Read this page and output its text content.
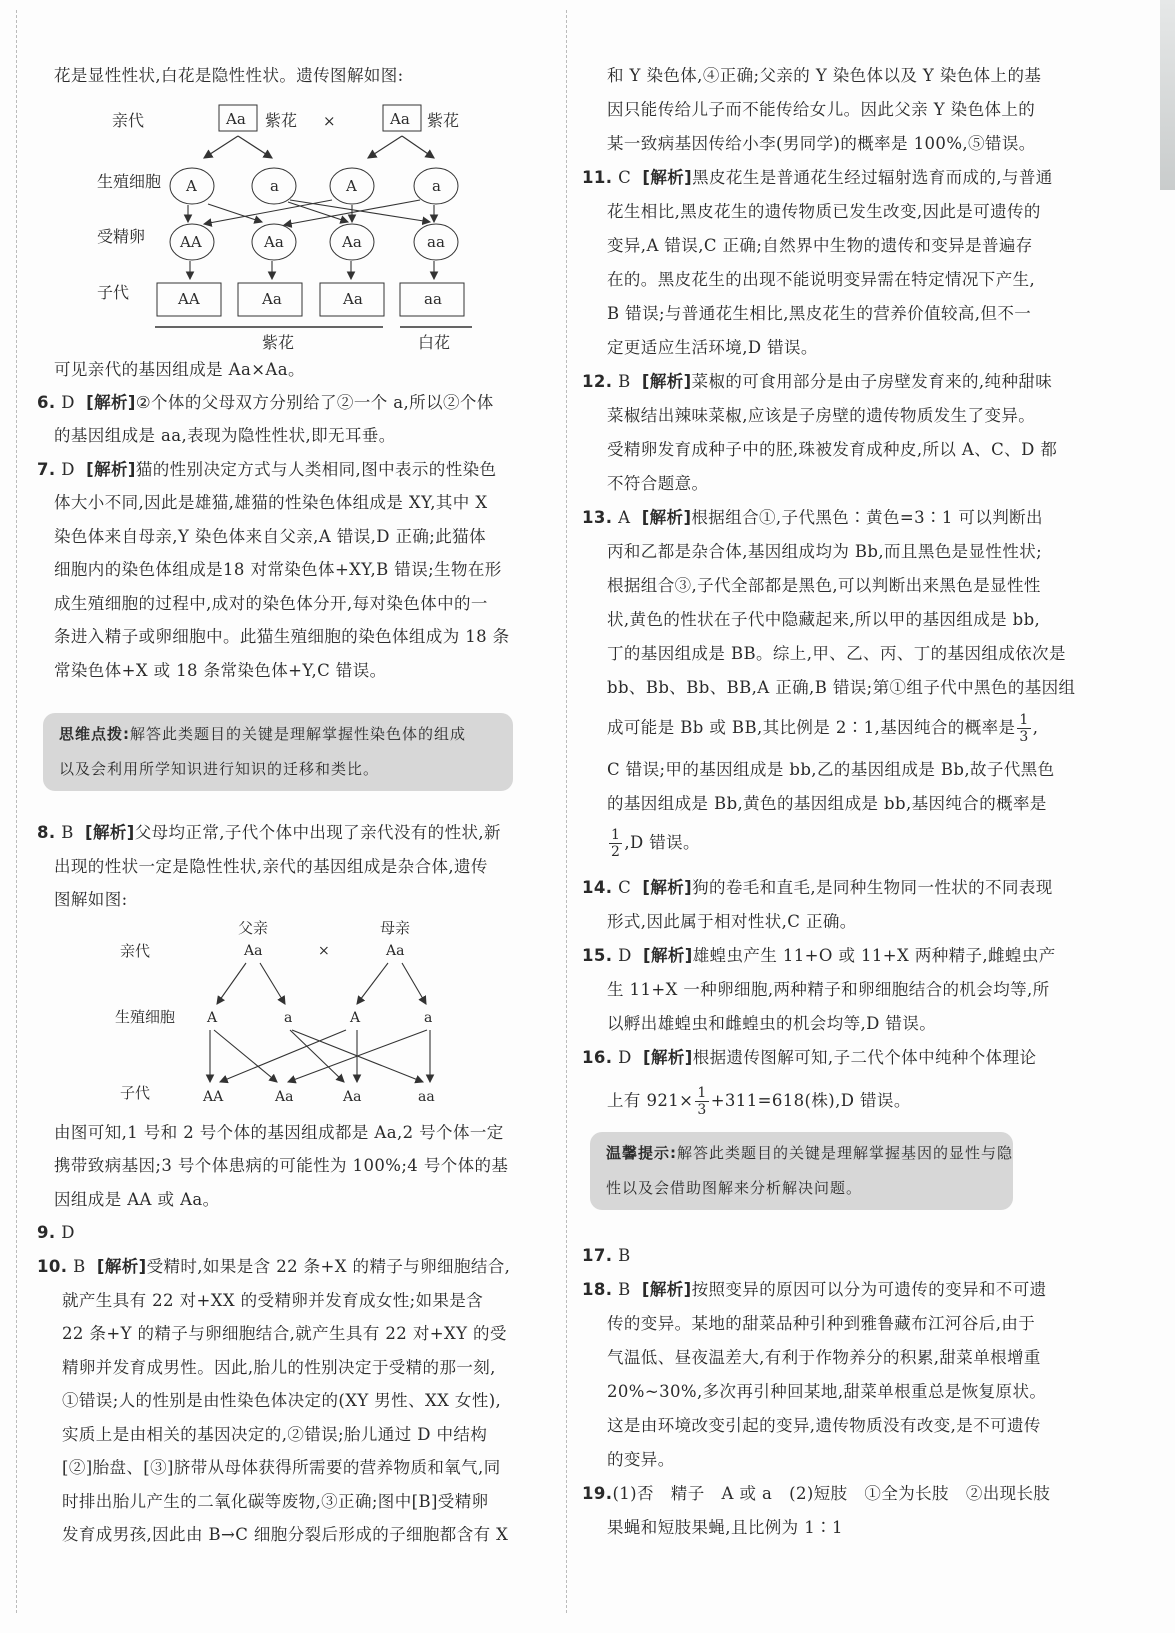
花是显性性状,白花是隐性性状。遗传图解如图:
亲代
生殖细胞
受精卵
子代
Aa 紫花 ×	Aa 紫花
A	a	A	a
AA	Aa	Aa	aa
AA	Aa	Aa	aa
紫花	白花
可见亲代的基因组成是 Aa×Aa。
6. D [解析]②个体的父母双方分别给了②一个 a,所以②个体
的基因组成是 aa,表现为隐性性状,即无耳垂。
7. D [解析]猫的性别决定方式与人类相同,图中表示的性染色
体大小不同,因此是雄猫,雄猫的性染色体组成是 XY,其中 X
染色体来自母亲,Y 染色体来自父亲,A 错误,D 正确;此猫体
细胞内的染色体组成是18 对常染色体+XY,B 错误;生物在形
成生殖细胞的过程中,成对的染色体分开,每对染色体中的一
条进入精子或卵细胞中。此猫生殖细胞的染色体组成为 18 条
常染色体+X 或 18 条常染色体+Y,C 错误。
思维点拨:解答此类题目的关键是理解掌握性染色体的组成
以及会利用所学知识进行知识的迁移和类比。
8. B [解析]父母均正常,子代个体中出现了亲代没有的性状,新
出现的性状一定是隐性性状,亲代的基因组成是杂合体,遗传
图解如图:
父亲	母亲
亲代
生殖细胞
子代
Aa	×	Aa
A	a	A	a
AA	Aa	Aa	aa
由图可知,1 号和 2 号个体的基因组成都是 Aa,2 号个体一定
携带致病基因;3 号个体患病的可能性为 100%;4 号个体的基
因组成是 AA 或 Aa。
9. D
10. B [解析]受精时,如果是含 22 条+X 的精子与卵细胞结合,
就产生具有 22 对+XX 的受精卵并发育成女性;如果是含
22 条+Y 的精子与卵细胞结合,就产生具有 22 对+XY 的受
精卵并发育成男性。因此,胎儿的性别决定于受精的那一刻,
①错误;人的性别是由性染色体决定的(XY 男性、XX 女性),
实质上是由相关的基因决定的,②错误;胎儿通过 D 中结构
[②]胎盘、[③]脐带从母体获得所需要的营养物质和氧气,同
时排出胎儿产生的二氧化碳等废物,③正确;图中[B]受精卵
发育成男孩,因此由 B→C 细胞分裂后形成的子细胞都含有 X
和 Y 染色体,④正确;父亲的 Y 染色体以及 Y 染色体上的基
因只能传给儿子而不能传给女儿。因此父亲 Y 染色体上的
某一致病基因传给小李(男同学)的概率是 100%,⑤错误。
11. C [解析]黑皮花生是普通花生经过辐射选育而成的,与普通
花生相比,黑皮花生的遗传物质已发生改变,因此是可遗传的
变异,A 错误,C 正确;自然界中生物的遗传和变异是普遍存
在的。黑皮花生的出现不能说明变异需在特定情况下产生,
B 错误;与普通花生相比,黑皮花生的营养价值较高,但不一
定更适应生活环境,D 错误。
12. B [解析]菜椒的可食用部分是由子房壁发育来的,纯种甜味
菜椒结出辣味菜椒,应该是子房壁的遗传物质发生了变异。
受精卵发育成种子中的胚,珠被发育成种皮,所以 A、C、D 都
不符合题意。
13. A [解析]根据组合①,子代黑色∶黄色=3∶1 可以判断出
丙和乙都是杂合体,基因组成均为 Bb,而且黑色是显性性状;
根据组合③,子代全部都是黑色,可以判断出来黑色是显性性
状,黄色的性状在子代中隐藏起来,所以甲的基因组成是 bb,
丁的基因组成是 BB。综上,甲、乙、丙、丁的基因组成依次是
bb、Bb、Bb、BB,A 正确,B 错误;第①组子代中黑色的基因组
成可能是 Bb 或 BB,其比例是 2∶1,基因纯合的概率是 $\frac{1}{3}$ ,
C 错误;甲的基因组成是 bb,乙的基因组成是 Bb,故子代黑色
的基因组成是 Bb,黄色的基因组成是 bb,基因纯合的概率是
$\frac{1}{2} ,D$ 错误。
14. C [解析]狗的卷毛和直毛,是同种生物同一性状的不同表现
形式,因此属于相对性状,C 正确。
15. D [解析]雄蝗虫产生 11+O 或 11+X 两种精子,雌蝗虫产
生 11+X 一种卵细胞,两种精子和卵细胞结合的机会均等,所
以孵出雄蝗虫和雌蝗虫的机会均等,D 错误。
16. D [解析]根据遗传图解可知,子二代个体中纯种个体理论
上有 $921\times \frac{1}{3} +311=618$(株),D 错误。
温馨提示:解答此类题目的关键是理解掌握基因的显性与隐
性以及会借助图解来分析解决问题。
17. B
18. B [解析]按照变异的原因可以分为可遗传的变异和不可遗
传的变异。某地的甜菜品种引种到雅鲁藏布江河谷后,由于
气温低、昼夜温差大,有利于作物养分的积累,甜菜单根增重
20%~30%,多次再引种回某地,甜菜单根重总是恢复原状。
这是由环境改变引起的变异,遗传物质没有改变,是不可遗传
的变异。
19.(1)否　精子　A 或 a　(2)短肢　①全为长肢　②出现长肢
果蝇和短肢果蝇,且比例为 1∶1
